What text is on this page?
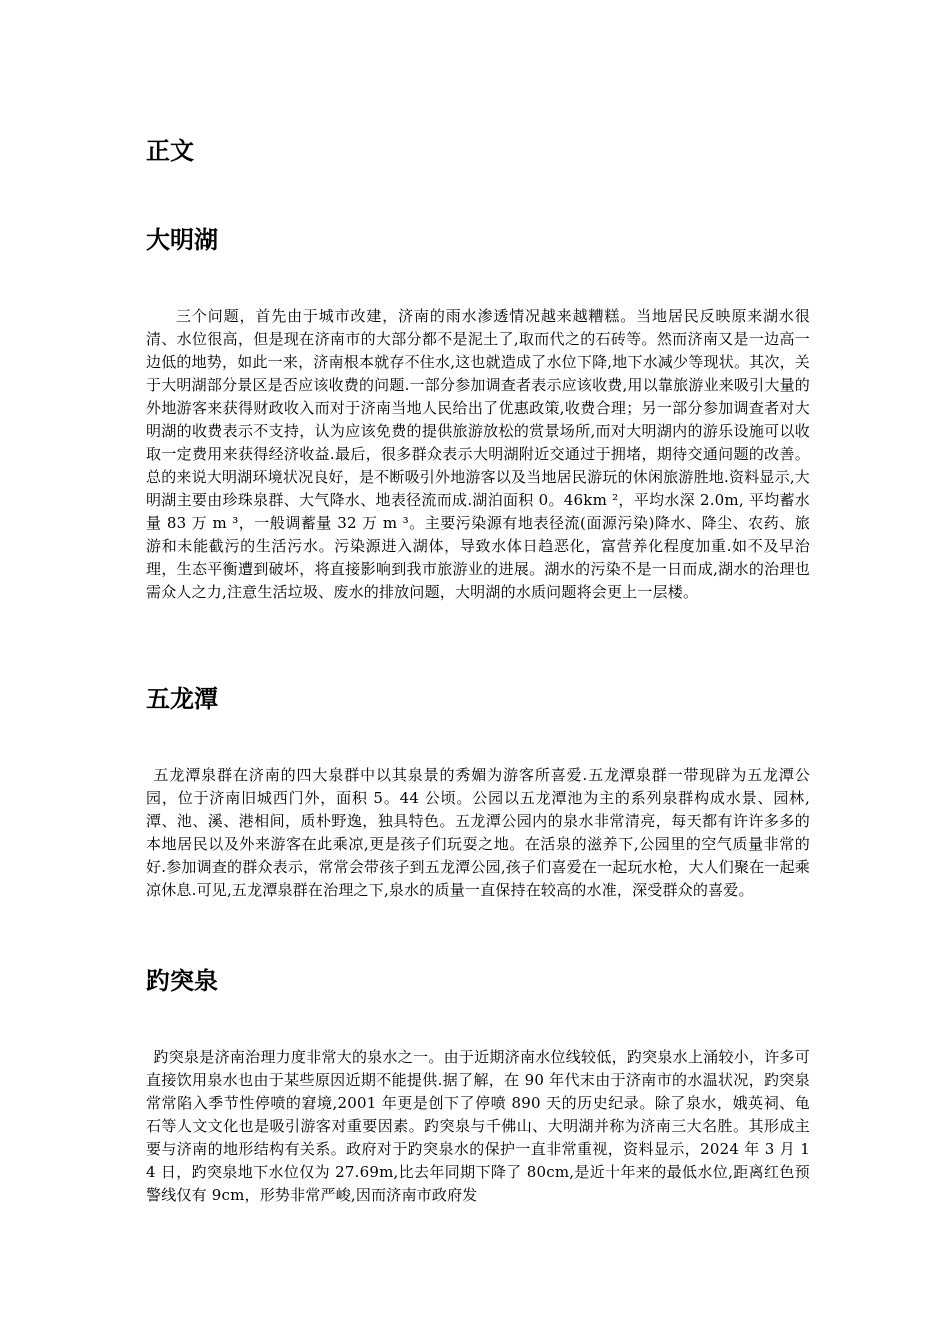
正文
大明湖

三个问题，首先由于城市改建，济南的雨水渗透情况越来越糟糕。当地居民反映原来湖水很清、水位很高，但是现在济南市的大部分都不是泥土了,取而代之的石砖等。然而济南又是一边高一边低的地势，如此一来，济南根本就存不住水,这也就造成了水位下降,地下水减少等现状。其次，关于大明湖部分景区是否应该收费的问题.一部分参加调查者表示应该收费,用以靠旅游业来吸引大量的外地游客来获得财政收入而对于济南当地人民给出了优惠政策,收费合理；另一部分参加调查者对大明湖的收费表示不支持，认为应该免费的提供旅游放松的赏景场所,而对大明湖内的游乐设施可以收取一定费用来获得经济收益.最后，很多群众表示大明湖附近交通过于拥堵，期待交通问题的改善。总的来说大明湖环境状况良好，是不断吸引外地游客以及当地居民游玩的休闲旅游胜地.资料显示,大明湖主要由珍珠泉群、大气降水、地表径流而成.湖泊面积 0。46km ²，平均水深 2.0m, 平均蓄水量 83 万 m ³，一般调蓄量 32 万 m ³。主要污染源有地表径流(面源污染)降水、降尘、农药、旅游和未能截污的生活污水。污染源进入湖体，导致水体日趋恶化，富营养化程度加重.如不及早治理，生态平衡遭到破坏，将直接影响到我市旅游业的进展。湖水的污染不是一日而成,湖水的治理也需众人之力,注意生活垃圾、废水的排放问题，大明湖的水质问题将会更上一层楼。

五龙潭

五龙潭泉群在济南的四大泉群中以其泉景的秀媚为游客所喜爱.五龙潭泉群一带现辟为五龙潭公园，位于济南旧城西门外，面积 5。44 公顷。公园以五龙潭池为主的系列泉群构成水景、园林,潭、池、溪、港相间，质朴野逸，独具特色。五龙潭公园内的泉水非常清亮，每天都有许许多多的本地居民以及外来游客在此乘凉,更是孩子们玩耍之地。在活泉的滋养下,公园里的空气质量非常的好.参加调查的群众表示，常常会带孩子到五龙潭公园,孩子们喜爱在一起玩水枪，大人们聚在一起乘凉休息.可见,五龙潭泉群在治理之下,泉水的质量一直保持在较高的水准，深受群众的喜爱。

趵突泉

趵突泉是济南治理力度非常大的泉水之一。由于近期济南水位线较低，趵突泉水上涌较小，许多可直接饮用泉水也由于某些原因近期不能提供.据了解，在 90 年代末由于济南市的水温状况，趵突泉常常陷入季节性停喷的窘境,2001 年更是创下了停喷 890 天的历史纪录。除了泉水，娥英祠、龟石等人文文化也是吸引游客对重要因素。趵突泉与千佛山、大明湖并称为济南三大名胜。其形成主要与济南的地形结构有关系。政府对于趵突泉水的保护一直非常重视，资料显示，2024 年 3 月 14 日，趵突泉地下水位仅为 27.69m,比去年同期下降了 80cm,是近十年来的最低水位,距离红色预警线仅有 9cm，形势非常严峻,因而济南市政府发
